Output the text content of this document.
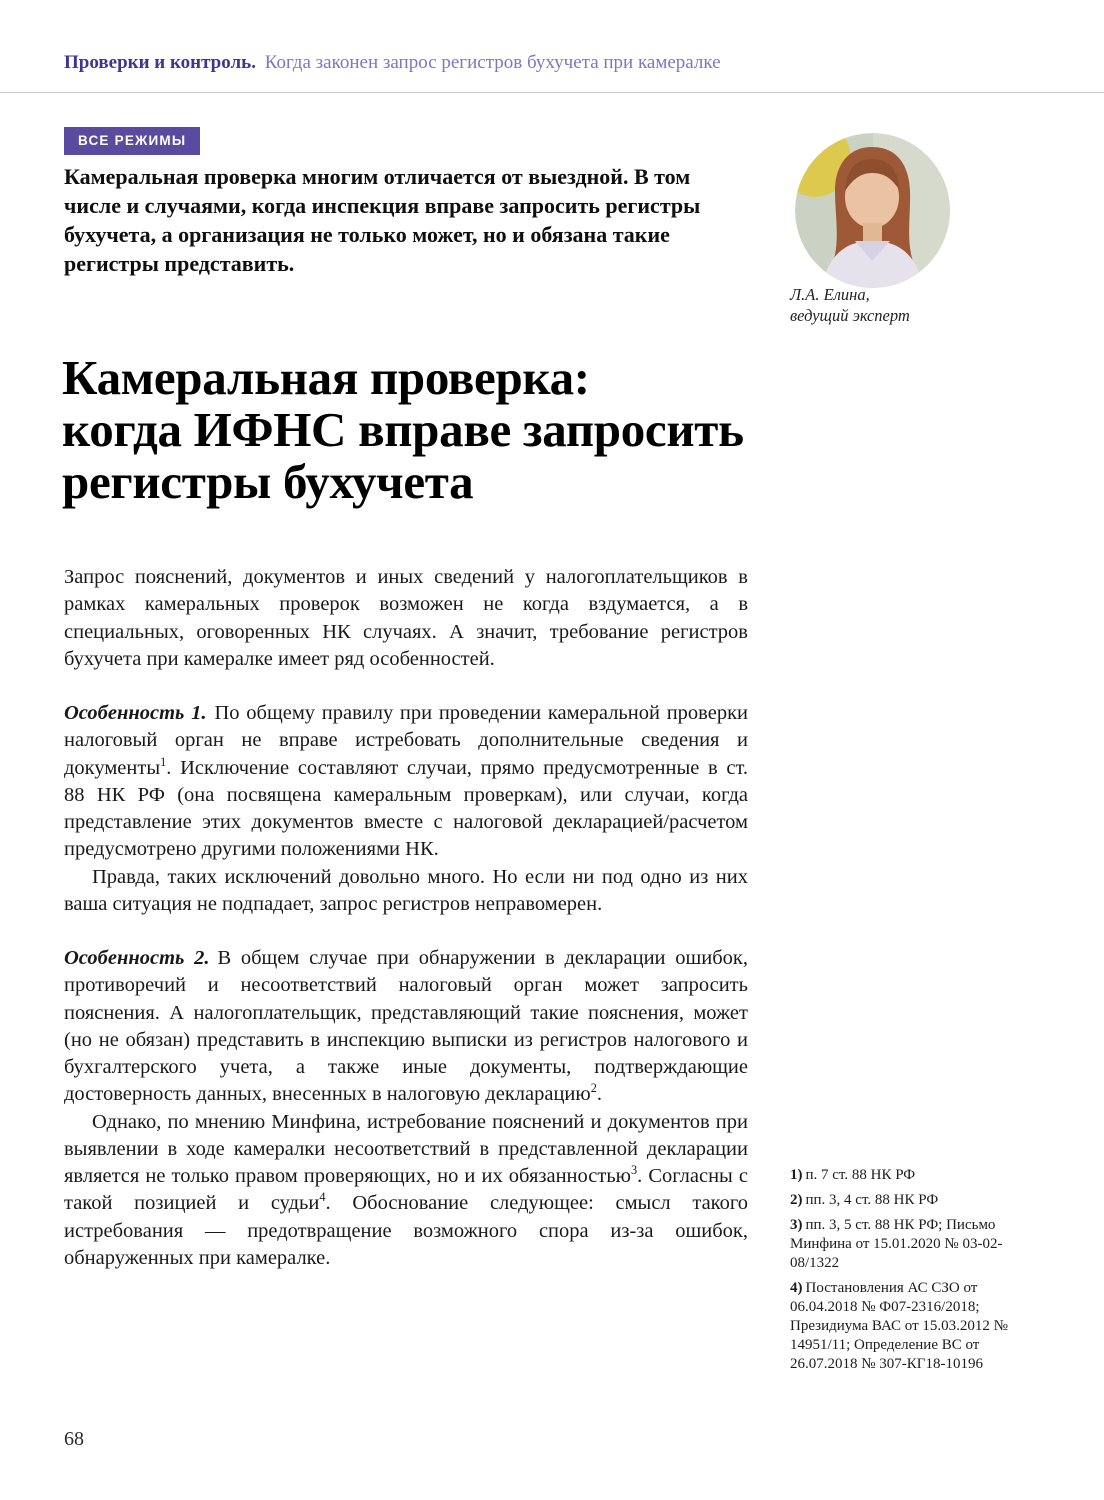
Проверки и контроль. Когда законен запрос регистров бухучета при камералке
ВСЕ РЕЖИМЫ

Камеральная проверка многим отличается от выездной. В том числе и случаями, когда инспекция вправе запросить регистры бухучета, а организация не только может, но и обязана такие регистры представить.

Л.А. Елина,
ведущий эксперт
Камеральная проверка:
когда ИФНС вправе запросить
регистры бухучета

Запрос пояснений, документов и иных сведений у налогоплательщиков в рамках камеральных проверок возможен не когда вздумается, а в специальных, оговоренных НК случаях. А значит, требование регистров бухучета при камералке имеет ряд особенностей.

Особенность 1. По общему правилу при проведении камеральной проверки налоговый орган не вправе истребовать дополнительные сведения и документы$^1$. Исключение составляют случаи, прямо предусмотренные в ст. 88 НК РФ (она посвящена камеральным проверкам), или случаи, когда представление этих документов вместе с налоговой декларацией/расчетом предусмотрено другими положениями НК.

Правда, таких исключений довольно много. Но если ни под одно из них ваша ситуация не подпадает, запрос регистров неправомерен.

Особенность 2. В общем случае при обнаружении в декларации ошибок, противоречий и несоответствий налоговый орган может запросить пояснения. А налогоплательщик, представляющий такие пояснения, может (но не обязан) представить в инспекцию выписки из регистров налогового и бухгалтерского учета, а также иные документы, подтверждающие достоверность данных, внесенных в налоговую декларацию$^2$.

Однако, по мнению Минфина, истребование пояснений и документов при выявлении в ходе камералки несоответствий в представленной декларации является не только правом проверяющих, но и их обязанностью$^3$. Согласны с такой позицией и судьи$^4$. Обоснование следующее: смысл такого истребования — предотвращение возможного спора из-за ошибок, обнаруженных при камералке.

1) п. 7 ст. 88 НК РФ

2) пп. 3, 4 ст. 88 НК РФ

3) пп. 3, 5 ст. 88 НК РФ; Письмо Минфина от 15.01.2020 № 03-02-08/1322

4) Постановления АС СЗО от 06.04.2018 № Ф07-2316/2018; Президиума ВАС от 15.03.2012 № 14951/11; Определение ВС от 26.07.2018 № 307-КГ18-10196

68
